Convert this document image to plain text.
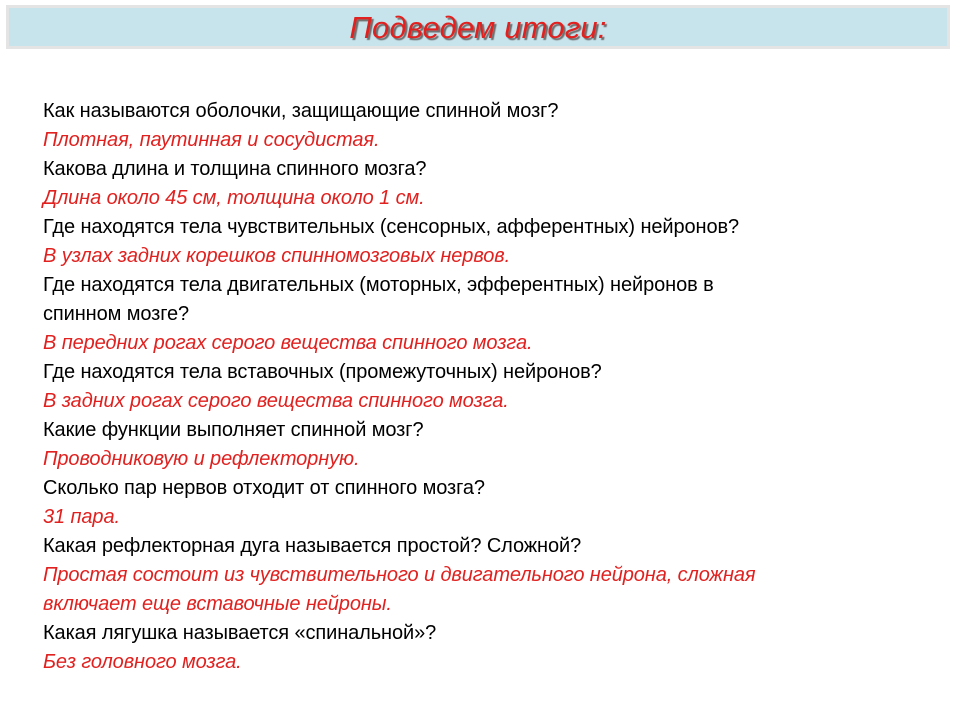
Подведем итоги:
Как называются оболочки, защищающие спинной мозг?
Плотная, паутинная и сосудистая.
Какова длина и толщина спинного мозга?
Длина около 45 см, толщина около 1 см.
Где находятся тела чувствительных (сенсорных, афферентных) нейронов?
В узлах задних корешков спинномозговых нервов.
Где находятся тела двигательных (моторных, эфферентных) нейронов в
спинном мозге?
В передних рогах серого вещества спинного мозга.
Где находятся тела вставочных (промежуточных) нейронов?
В задних рогах серого вещества спинного мозга.
Какие функции выполняет спинной мозг?
Проводниковую и рефлекторную.
Сколько пар нервов отходит от спинного мозга?
31 пара.
Какая рефлекторная дуга называется простой? Сложной?
Простая состоит из чувствительного и двигательного нейрона, сложная
включает еще вставочные нейроны.
Какая лягушка называется «спинальной»?
Без головного мозга.
